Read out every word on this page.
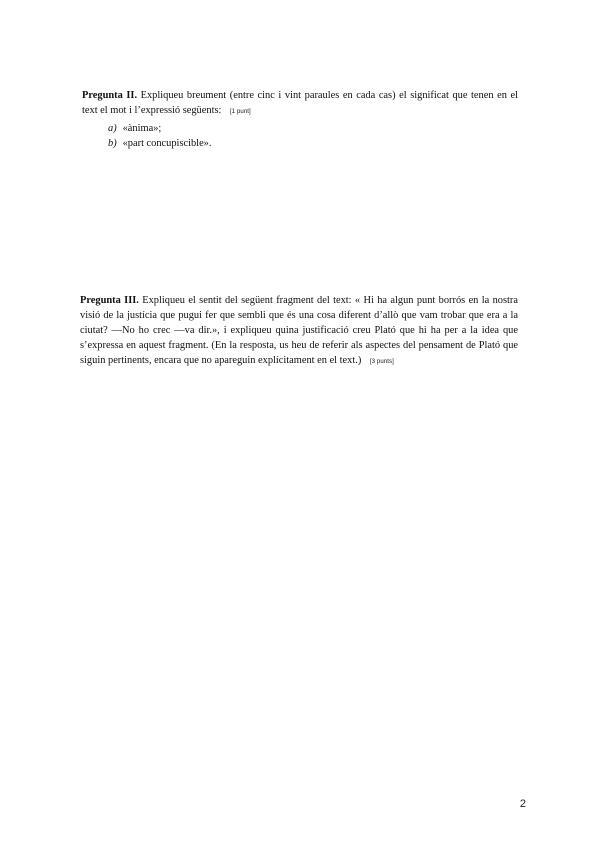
Pregunta II. Expliqueu breument (entre cinc i vint paraules en cada cas) el significat que tenen en el text el mot i l’expressió següents: [1 punt]
a) «ànima»;
b) «part concupiscible».
Pregunta III. Expliqueu el sentit del següent fragment del text: « Hi ha algun punt borrós en la nostra visió de la justícia que pugui fer que sembli que és una cosa diferent d’allò que vam trobar que era a la ciutat? —No ho crec —va dir.», i expliqueu quina justificació creu Plató que hi ha per a la idea que s’expressa en aquest fragment. (En la resposta, us heu de referir als aspectes del pensament de Plató que siguin pertinents, encara que no apareguin explícitament en el text.) [3 punts]
2
